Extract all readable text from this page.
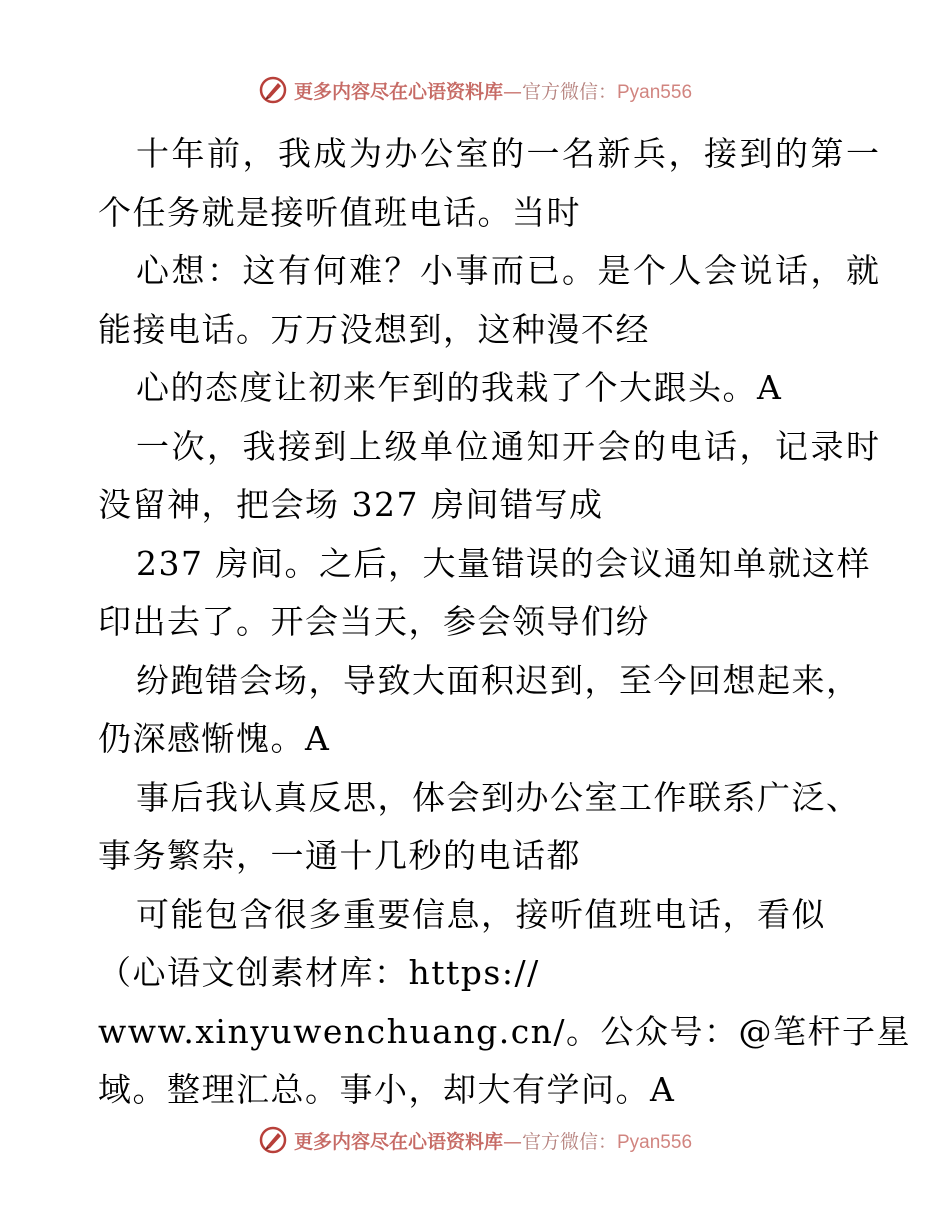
更多内容尽在心语资料库—官方微信：Pyan556
十年前，我成为办公室的一名新兵，接到的第一
个任务就是接听值班电话。当时
心想：这有何难？小事而已。是个人会说话，就
能接电话。万万没想到，这种漫不经
心的态度让初来乍到的我栽了个大跟头。A
一次，我接到上级单位通知开会的电话，记录时
没留神，把会场 327 房间错写成
237 房间。之后，大量错误的会议通知单就这样
印出去了。开会当天，参会领导们纷
纷跑错会场，导致大面积迟到，至今回想起来，
仍深感惭愧。A
事后我认真反思，体会到办公室工作联系广泛、
事务繁杂，一通十几秒的电话都
可能包含很多重要信息，接听值班电话，看似
（心语文创素材库：https://
www.xinyuwenchuang.cn/。公众号：@笔杆子星
域。整理汇总。事小，却大有学问。A
更多内容尽在心语资料库—官方微信：Pyan556
